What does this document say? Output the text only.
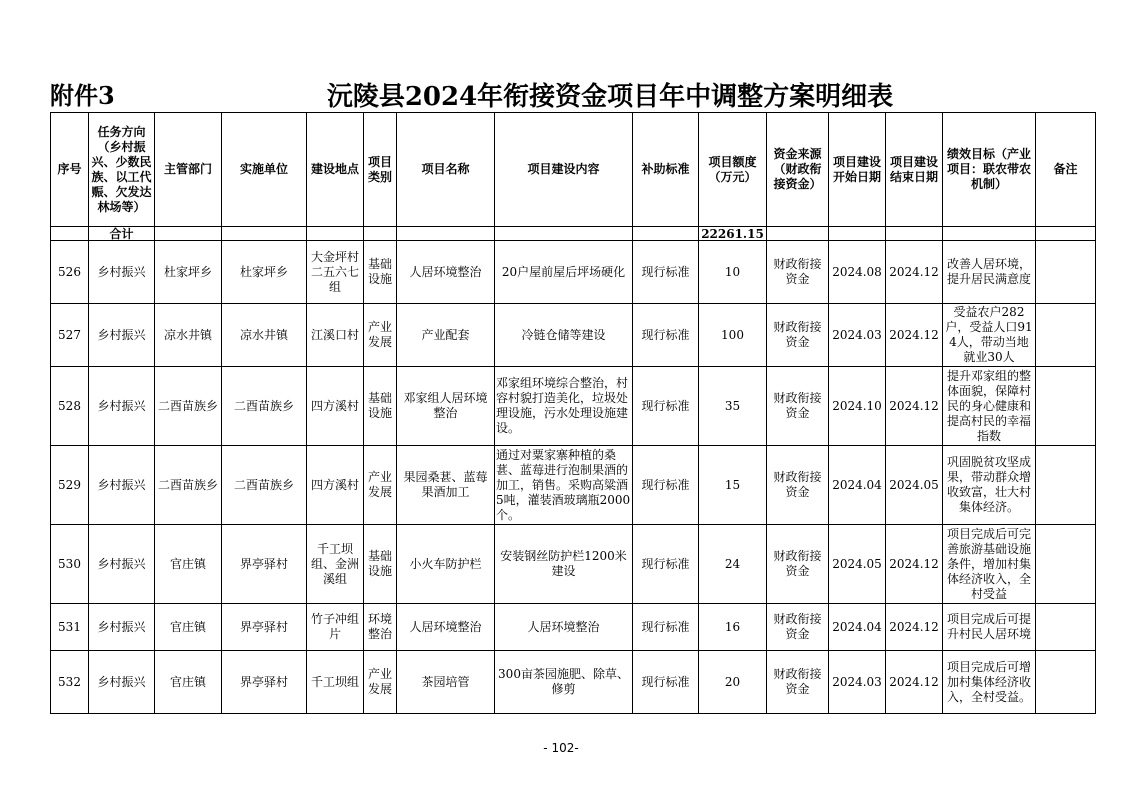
附件3	沅陵县2024年衔接资金项目年中调整方案明细表
序号	任务方向（乡村振兴、少数民族、以工代赈、欠发达林场等）	主管部门	实施单位	建设地点	项目类别	项目名称	项目建设内容	补助标准	项目额度（万元）	资金来源（财政衔接资金）	项目建设开始日期	项目建设结束日期	绩效目标（产业项目：联农带农机制）	备注
	合计								22261.15					
526	乡村振兴	杜家坪乡	杜家坪乡	大金坪村二五六七组	基础设施	人居环境整治	20户屋前屋后坪场硬化	现行标准	10	财政衔接资金	2024.08	2024.12	改善人居环境，提升居民满意度	
527	乡村振兴	凉水井镇	凉水井镇	江溪口村	产业发展	产业配套	冷链仓储等建设	现行标准	100	财政衔接资金	2024.03	2024.12	受益农户282户，受益人口914人，带动当地就业30人	
528	乡村振兴	二酉苗族乡	二酉苗族乡	四方溪村	基础设施	邓家组人居环境整治	邓家组环境综合整治，村容村貌打造美化，垃圾处理设施，污水处理设施建设。	现行标准	35	财政衔接资金	2024.10	2024.12	提升邓家组的整体面貌，保障村民的身心健康和提高村民的幸福指数	
529	乡村振兴	二酉苗族乡	二酉苗族乡	四方溪村	产业发展	果园桑葚、蓝莓果酒加工	通过对粟家寨种植的桑葚、蓝莓进行泡制果酒的加工，销售。采购高粱酒5吨，灌装酒玻璃瓶2000个。	现行标准	15	财政衔接资金	2024.04	2024.05	巩固脱贫攻坚成果，带动群众增收致富，壮大村集体经济。	
530	乡村振兴	官庄镇	界亭驿村	千工坝组、金洲溪组	基础设施	小火车防护栏	安装钢丝防护栏1200米建设	现行标准	24	财政衔接资金	2024.05	2024.12	项目完成后可完善旅游基础设施条件，增加村集体经济收入，全村受益	
531	乡村振兴	官庄镇	界亭驿村	竹子冲组片	环境整治	人居环境整治	人居环境整治	现行标准	16	财政衔接资金	2024.04	2024.12	项目完成后可提升村民人居环境	
532	乡村振兴	官庄镇	界亭驿村	千工坝组	产业发展	茶园培管	300亩茶园施肥、除草、修剪	现行标准	20	财政衔接资金	2024.03	2024.12	项目完成后可增加村集体经济收入，全村受益。	
- 102-
